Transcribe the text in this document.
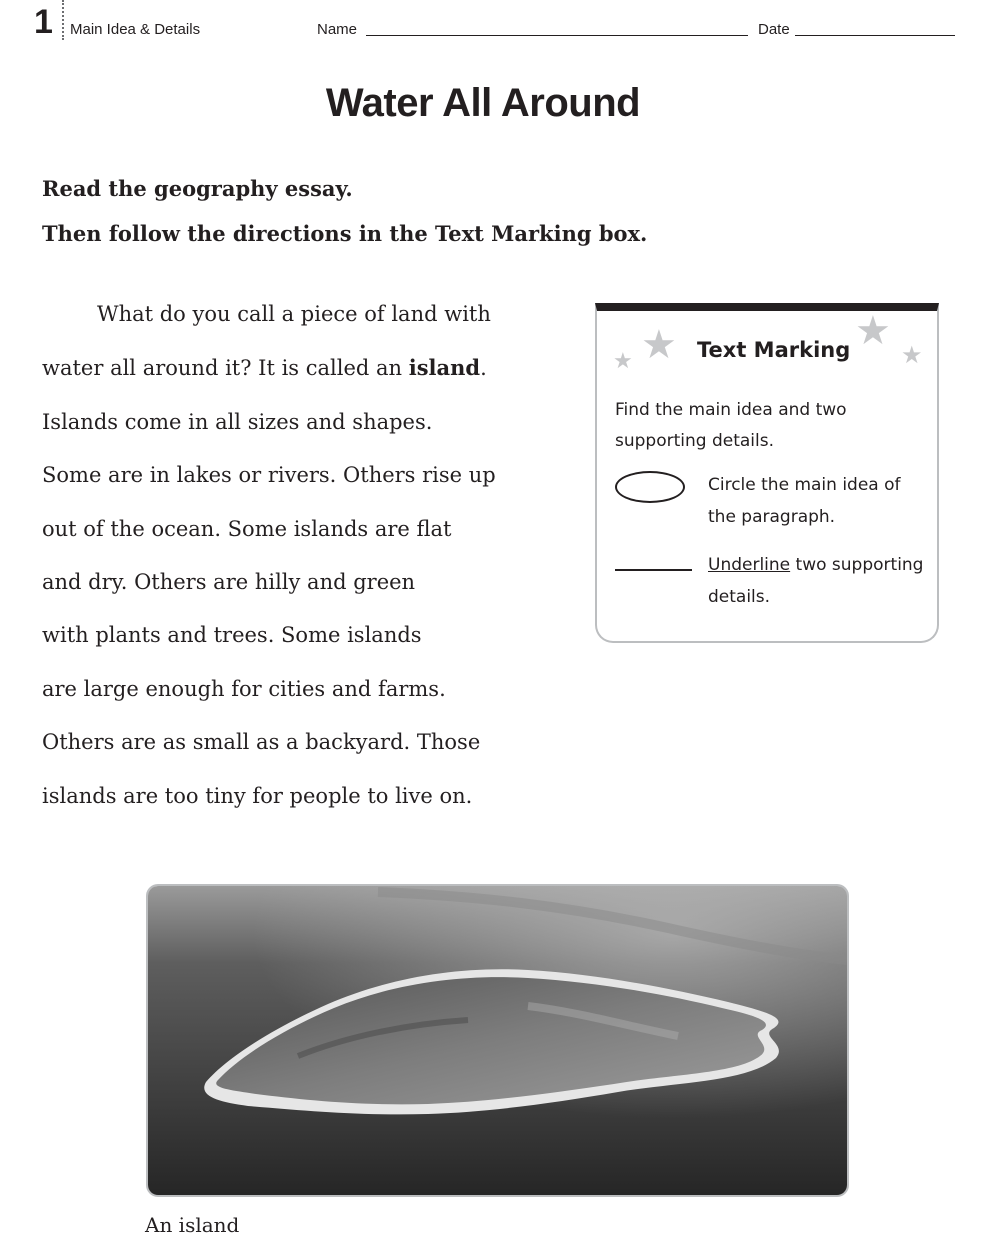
1 Main Idea & Details	Name	Date
Water All Around
Read the geography essay.
Then follow the directions in the Text Marking box.
What do you call a piece of land with
water all around it? It is called an island.
Islands come in all sizes and shapes.
Some are in lakes or rivers. Others rise up
out of the ocean. Some islands are flat
and dry. Others are hilly and green
with plants and trees. Some islands
are large enough for cities and farms.
Others are as small as a backyard. Those
islands are too tiny for people to live on.
★ ★	★
★
Text Marking
Find the main idea and two supporting details.
Circle the main idea of the paragraph.
Underline two supporting details.
An island
